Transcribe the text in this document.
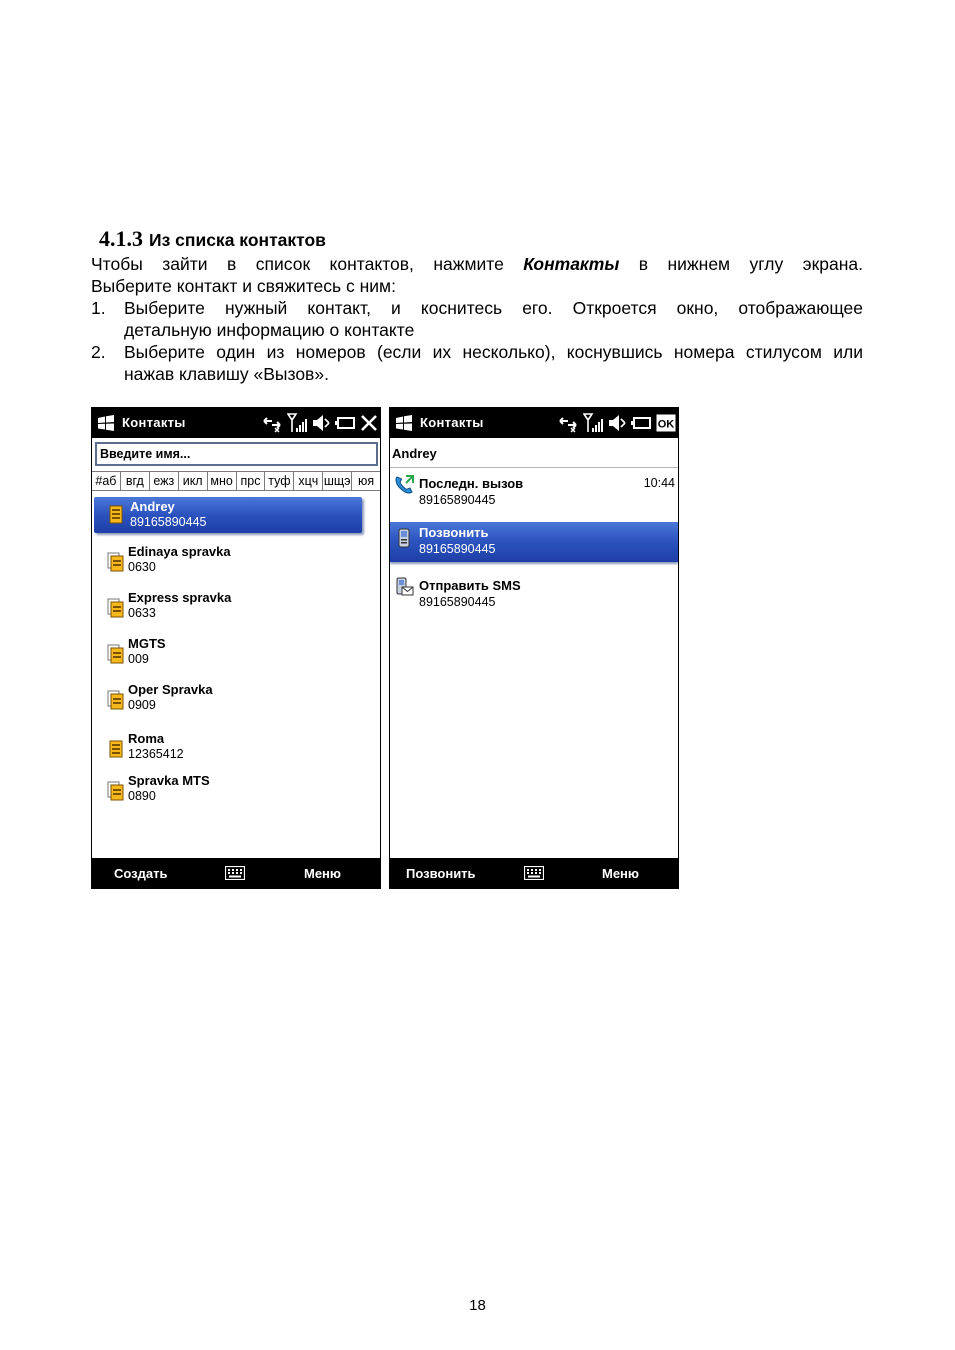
4.1.3 Из списка контактов
Чтобы зайти в список контактов, нажмите Контакты в нижнем углу экрана.
Выберите контакт и свяжитесь с ним:
1. Выберите нужный контакт, и коснитесь его. Откроется окно, отображающее
детальную информацию о контакте
2. Выберите один из номеров (если их несколько), коснувшись номера стилусом или
нажав клавишу «Вызов».
Контакты
Введите имя...
#аб вгд ежз икл мно прс туф хцч шщэ юя
Andrey
89165890445
Edinaya spravka
0630
Express spravka
0633
MGTS
009
Oper Spravka
0909
Roma
12365412
Spravka MTS
0890
Создать	Меню
Контакты	OK
Andrey
Последн. вызов	10:44
89165890445
Позвонить
89165890445
Отправить SMS
89165890445
Позвонить	Меню
18
